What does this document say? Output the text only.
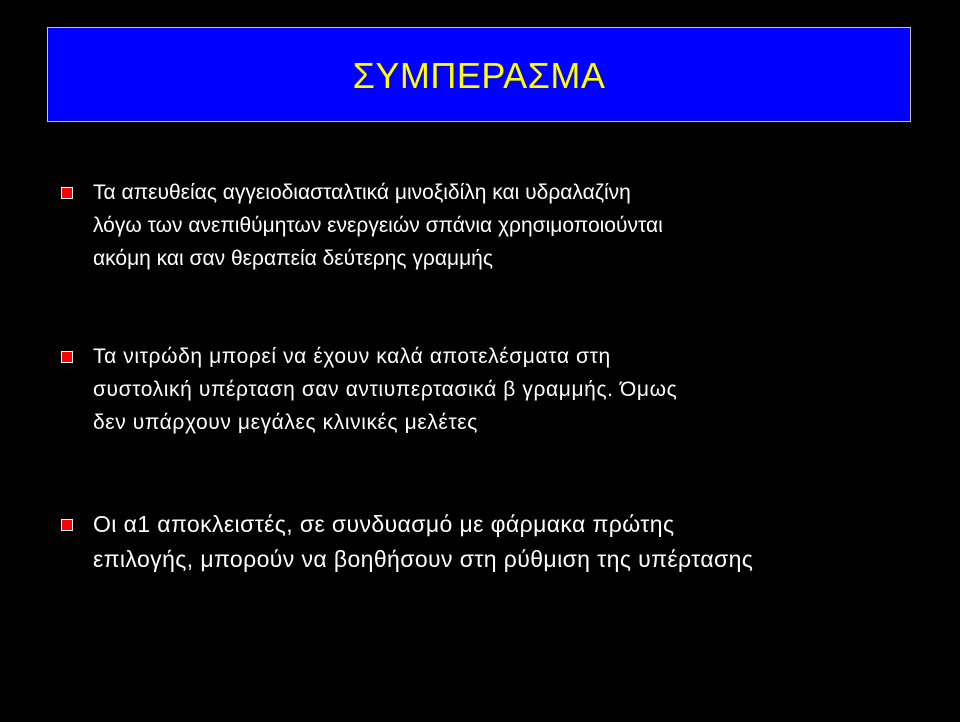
ΣΥΜΠΕΡΑΣΜΑ

Τα απευθείας αγγειοδιασταλτικά μινοξιδίλη και υδραλαζίνη
λόγω των ανεπιθύμητων ενεργειών σπάνια χρησιμοποιούνται
ακόμη και σαν θεραπεία δεύτερης γραμμής

Τα νιτρώδη μπορεί να έχουν καλά αποτελέσματα στη
συστολική υπέρταση σαν αντιυπερτασικά β γραμμής. Όμως
δεν υπάρχουν μεγάλες κλινικές μελέτες

Οι α1 αποκλειστές, σε συνδυασμό με φάρμακα πρώτης
επιλογής, μπορούν να βοηθήσουν στη ρύθμιση της υπέρτασης
